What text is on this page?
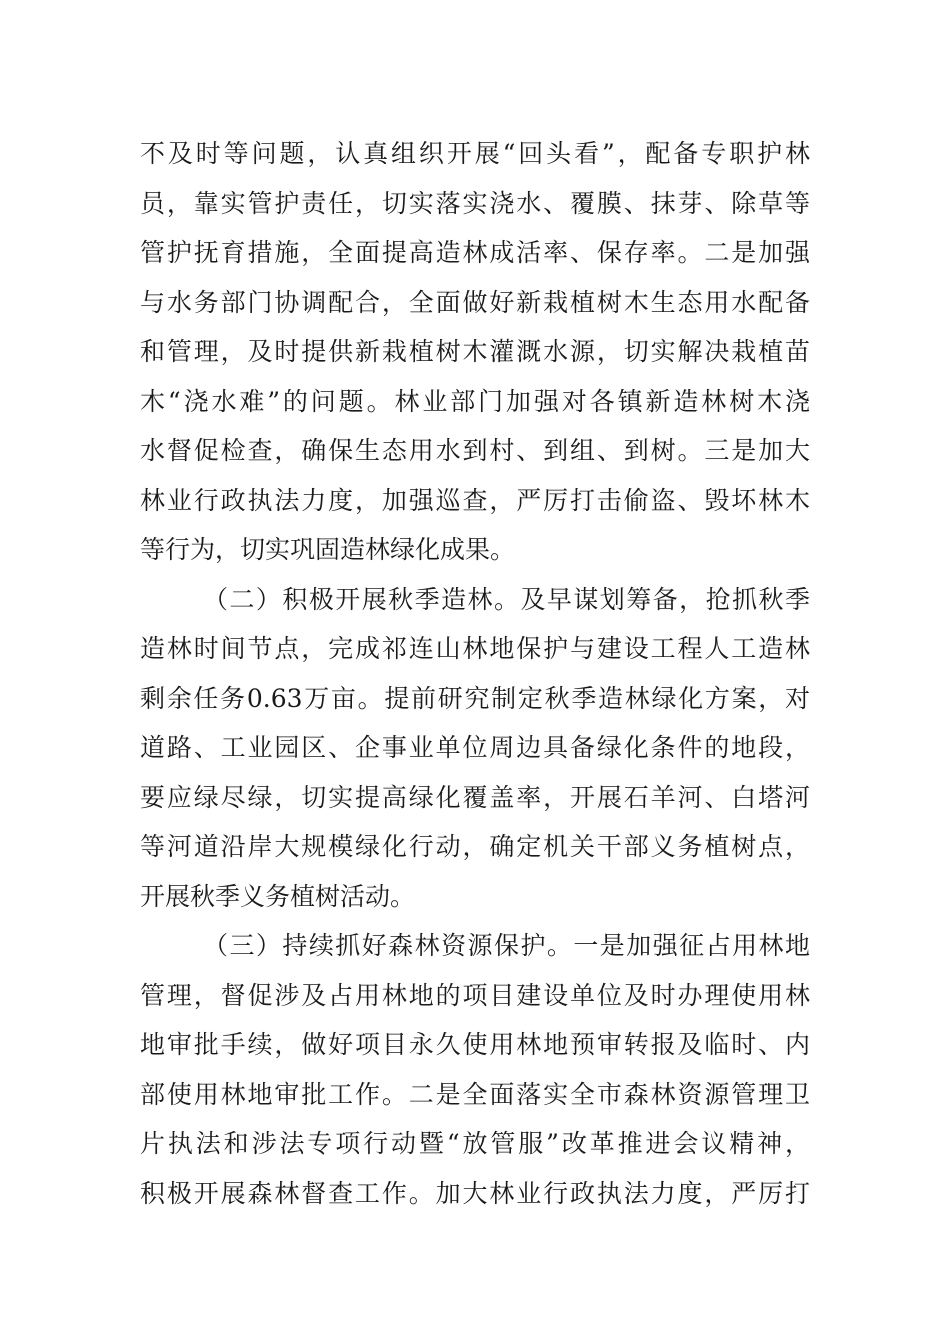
不及时等问题，认真组织开展“回头看”，配备专职护林
员，靠实管护责任，切实落实浇水、覆膜、抹芽、除草等
管护抚育措施，全面提高造林成活率、保存率。二是加强
与水务部门协调配合，全面做好新栽植树木生态用水配备
和管理，及时提供新栽植树木灌溉水源，切实解决栽植苗
木“浇水难”的问题。林业部门加强对各镇新造林树木浇
水督促检查，确保生态用水到村、到组、到树。三是加大
林业行政执法力度，加强巡查，严厉打击偷盗、毁坏林木
等行为，切实巩固造林绿化成果。
（二）积极开展秋季造林。及早谋划筹备，抢抓秋季
造林时间节点，完成祁连山林地保护与建设工程人工造林
剩余任务0.63万亩。提前研究制定秋季造林绿化方案，对
道路、工业园区、企事业单位周边具备绿化条件的地段，
要应绿尽绿，切实提高绿化覆盖率，开展石羊河、白塔河
等河道沿岸大规模绿化行动，确定机关干部义务植树点，
开展秋季义务植树活动。
（三）持续抓好森林资源保护。一是加强征占用林地
管理，督促涉及占用林地的项目建设单位及时办理使用林
地审批手续，做好项目永久使用林地预审转报及临时、内
部使用林地审批工作。二是全面落实全市森林资源管理卫
片执法和涉法专项行动暨“放管服”改革推进会议精神，
积极开展森林督查工作。加大林业行政执法力度，严厉打
